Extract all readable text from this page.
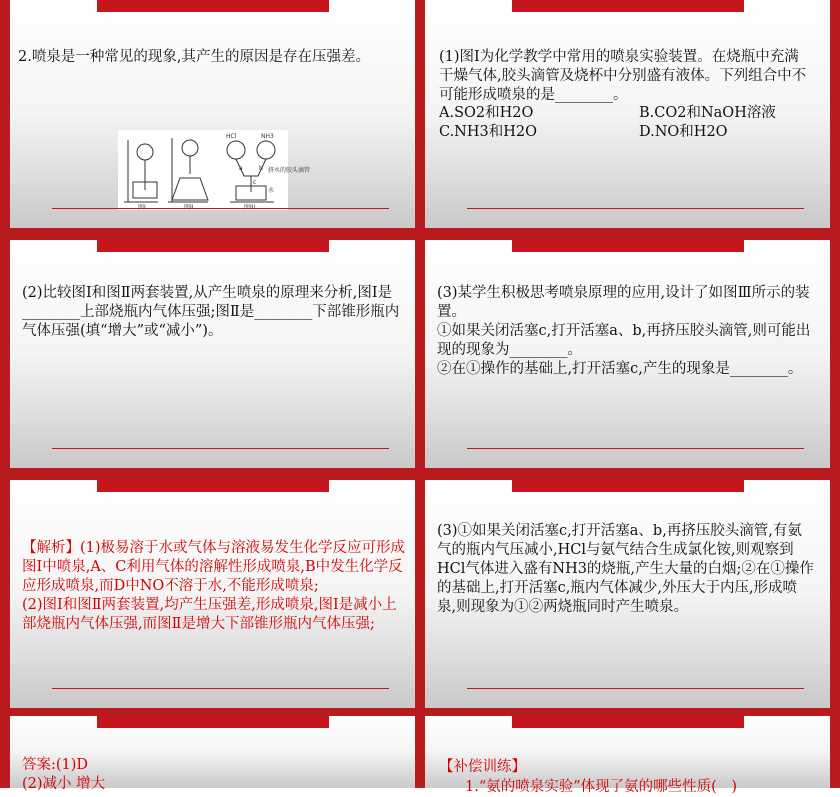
2.喷泉是一种常见的现象,其产生的原因是存在压强差。
HCl	NH3
挤水的胶头滴管
水
a	b
c
(1)图Ⅰ为化学教学中常用的喷泉实验装置。在烧瓶中充满干燥气体,胶头滴管及烧杯中分别盛有液体。下列组合中不可能形成喷泉的是________。
A.SO2和H2O	B.CO2和NaOH溶液
C.NH3和H2O	D.NO和H2O
(2)比较图Ⅰ和图Ⅱ两套装置,从产生喷泉的原理来分析,图Ⅰ是________上部烧瓶内气体压强;图Ⅱ是________下部锥形瓶内气体压强(填“增大”或“减小”)。
(3)某学生积极思考喷泉原理的应用,设计了如图Ⅲ所示的装置。
①如果关闭活塞c,打开活塞a、b,再挤压胶头滴管,则可能出现的现象为________。
②在①操作的基础上,打开活塞c,产生的现象是________。

【解析】(1)极易溶于水或气体与溶液易发生化学反应可形成图Ⅰ中喷泉,A、C利用气体的溶解性形成喷泉,B中发生化学反应形成喷泉,而D中NO不溶于水,不能形成喷泉;
(2)图Ⅰ和图Ⅱ两套装置,均产生压强差,形成喷泉,图Ⅰ是减小上部烧瓶内气体压强,而图Ⅱ是增大下部锥形瓶内气体压强;

(3)①如果关闭活塞c,打开活塞a、b,再挤压胶头滴管,有氨气的瓶内气压减小,HCl与氨气结合生成氯化铵,则观察到HCl气体进入盛有NH3的烧瓶,产生大量的白烟;②在①操作的基础上,打开活塞c,瓶内气体减少,外压大于内压,形成喷泉,则现象为①②两烧瓶同时产生喷泉。
答案:(1)D
(2)减小 增大
【补偿训练】
1.“氨的喷泉实验”体现了氨的哪些性质(　)
